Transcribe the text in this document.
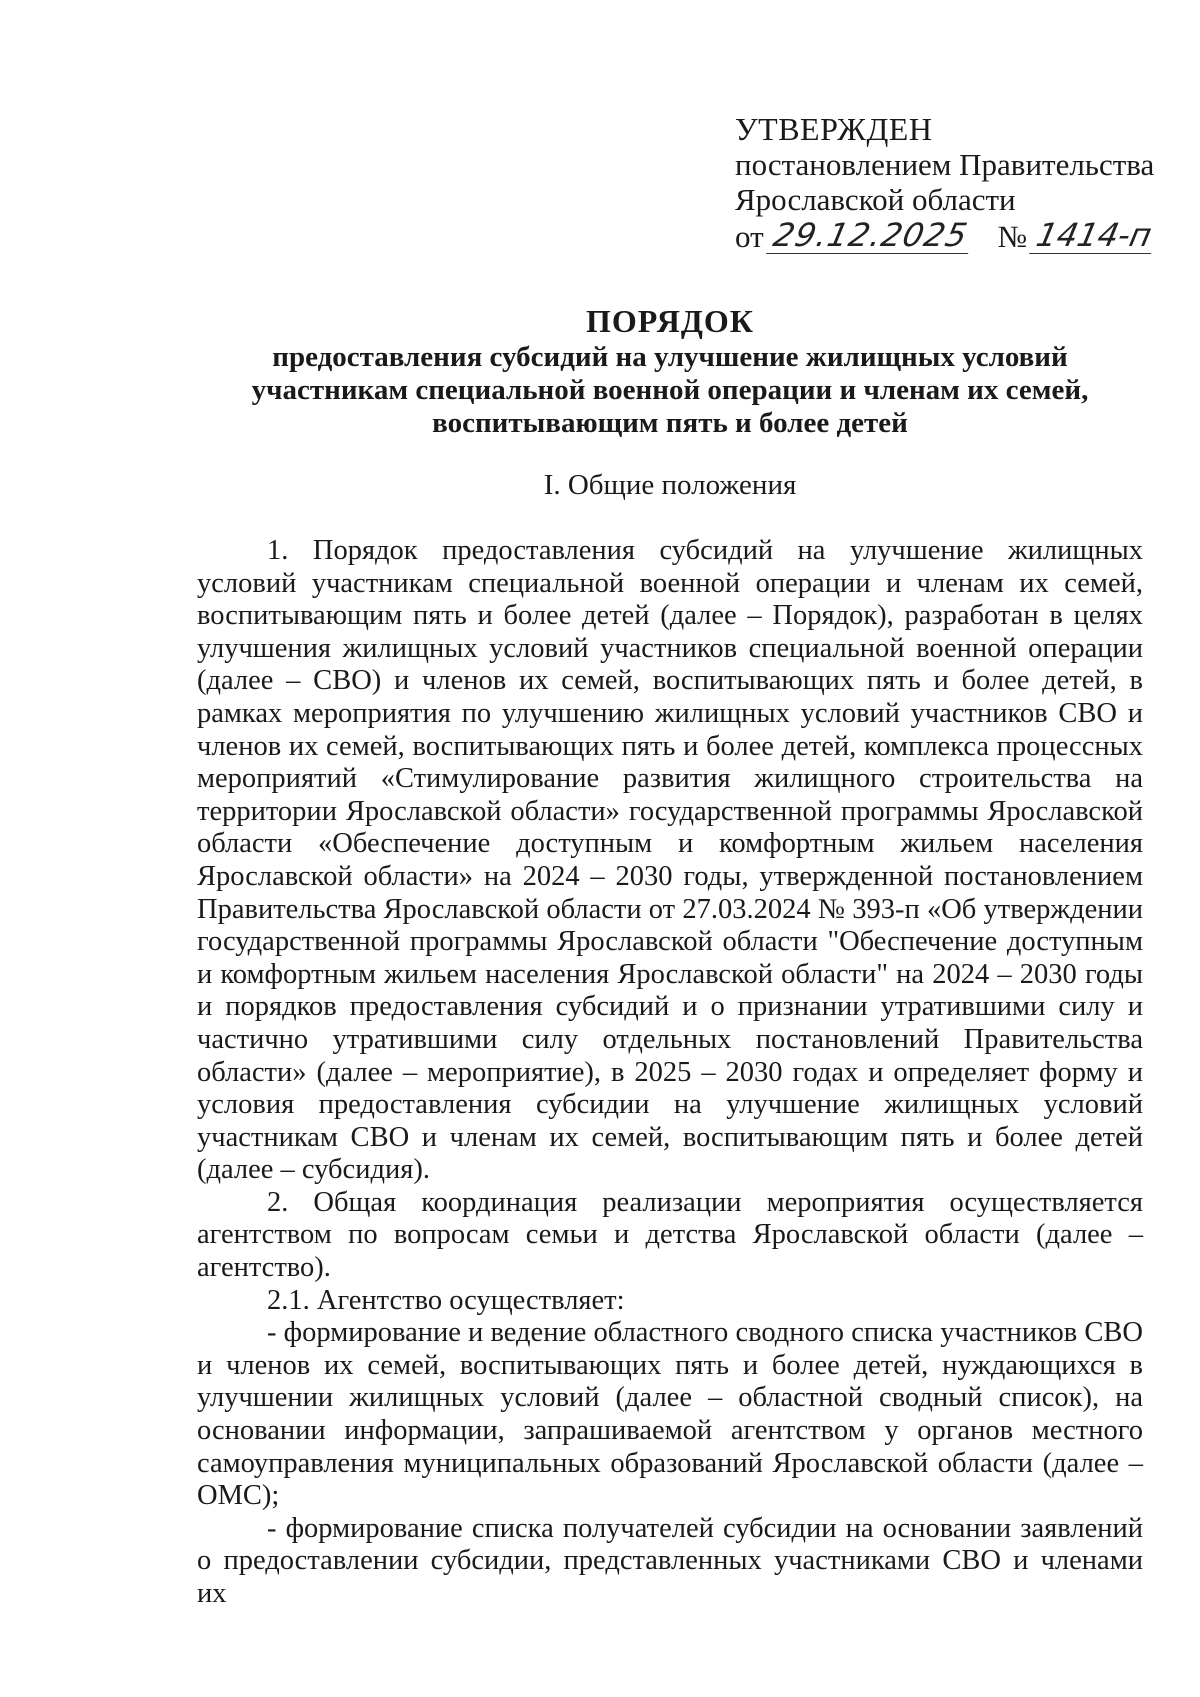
УТВЕРЖДЕН
постановлением Правительства
Ярославской области
от 29.12.2025 № 1414-п
ПОРЯДОК
предоставления субсидий на улучшение жилищных условий
участникам специальной военной операции и членам их семей,
воспитывающим пять и более детей
I. Общие положения

1. Порядок предоставления субсидий на улучшение жилищных условий участникам специальной военной операции и членам их семей, воспитывающим пять и более детей (далее – Порядок), разработан в целях улучшения жилищных условий участников специальной военной операции (далее – СВО) и членов их семей, воспитывающих пять и более детей, в рамках мероприятия по улучшению жилищных условий участников СВО и членов их семей, воспитывающих пять и более детей, комплекса процессных мероприятий «Стимулирование развития жилищного строительства на территории Ярославской области» государственной программы Ярославской области «Обеспечение доступным и комфортным жильем населения Ярославской области» на 2024 – 2030 годы, утвержденной постановлением Правительства Ярославской области от 27.03.2024 № 393-п «Об утверждении государственной программы Ярославской области "Обеспечение доступным и комфортным жильем населения Ярославской области" на 2024 – 2030 годы и порядков предоставления субсидий и о признании утратившими силу и частично утратившими силу отдельных постановлений Правительства области» (далее – мероприятие), в 2025 – 2030 годах и определяет форму и условия предоставления субсидии на улучшение жилищных условий участникам СВО и членам их семей, воспитывающим пять и более детей (далее – субсидия).

2. Общая координация реализации мероприятия осуществляется агентством по вопросам семьи и детства Ярославской области (далее – агентство).

2.1. Агентство осуществляет:

- формирование и ведение областного сводного списка участников СВО и членов их семей, воспитывающих пять и более детей, нуждающихся в улучшении жилищных условий (далее – областной сводный список), на основании информации, запрашиваемой агентством у органов местного самоуправления муниципальных образований Ярославской области (далее – ОМС);

- формирование списка получателей субсидии на основании заявлений о предоставлении субсидии, представленных участниками СВО и членами их
